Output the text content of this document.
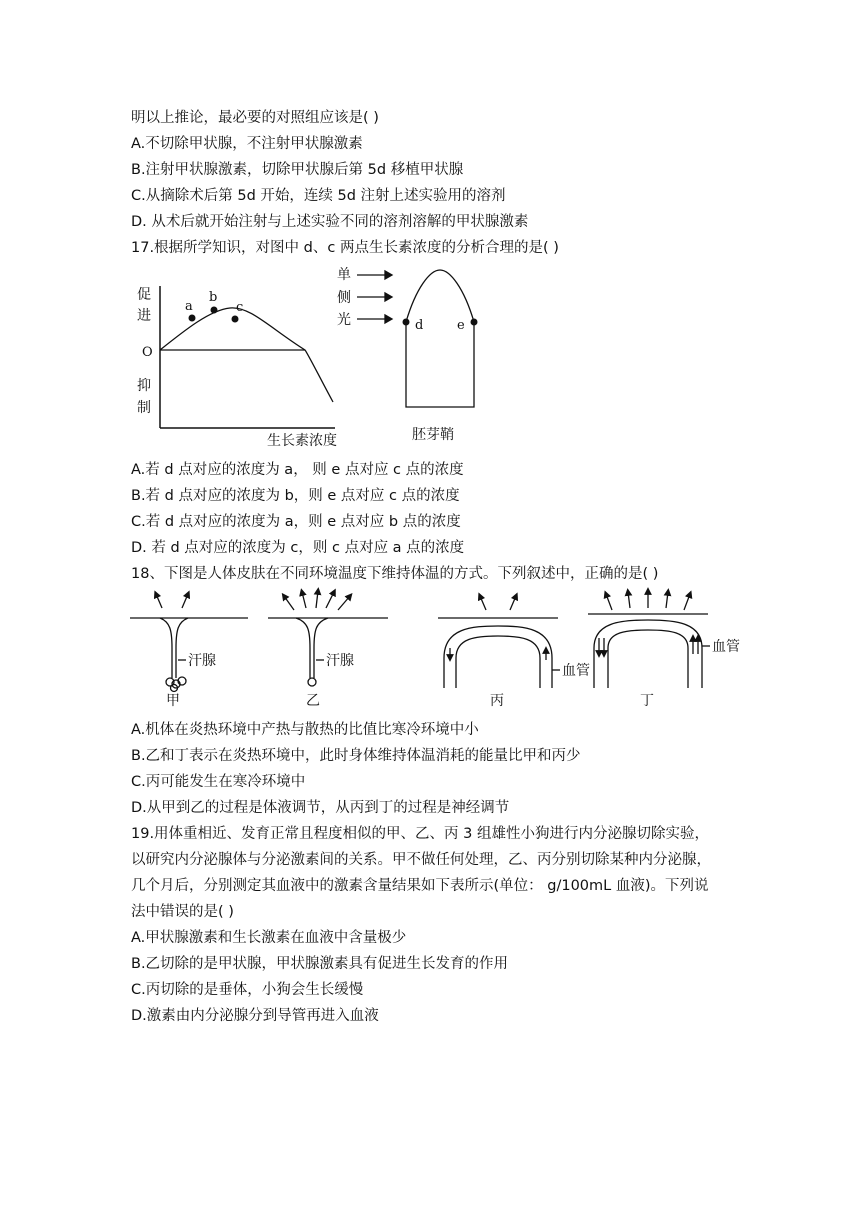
明以上推论，最必要的对照组应该是( )
A.不切除甲状腺，不注射甲状腺激素
B.注射甲状腺激素，切除甲状腺后第 5d 移植甲状腺
C.从摘除术后第 5d 开始，连续 5d 注射上述实验用的溶剂
D. 从术后就开始注射与上述实验不同的溶剂溶解的甲状腺激素
17.根据所学知识，对图中 d、c 两点生长素浓度的分析合理的是( )
促
进
O
抑
制
a
b
c
生长素浓度
单
侧
光	d	e
胚芽鞘
A.若 d 点对应的浓度为 a， 则 e 点对应 c 点的浓度
B.若 d 点对应的浓度为 b，则 e 点对应 c 点的浓度
C.若 d 点对应的浓度为 a，则 e 点对应 b 点的浓度
D. 若 d 点对应的浓度为 c，则 c 点对应 a 点的浓度
18、下图是人体皮肤在不同环境温度下维持体温的方式。下列叙述中，正确的是( )
汗腺
甲
汗腺
乙
血管
丙
血管
丁
A.机体在炎热环境中产热与散热的比值比寒冷环境中小
B.乙和丁表示在炎热环境中，此时身体维持体温消耗的能量比甲和丙少
C.丙可能发生在寒冷环境中
D.从甲到乙的过程是体液调节，从丙到丁的过程是神经调节
19.用体重相近、发育正常且程度相似的甲、乙、丙 3 组雄性小狗进行内分泌腺切除实验，
以研究内分泌腺体与分泌激素间的关系。甲不做任何处理，乙、丙分别切除某种内分泌腺，
几个月后，分别测定其血液中的激素含量结果如下表所示(单位： g/100mL 血液)。下列说
法中错误的是( )
A.甲状腺激素和生长激素在血液中含量极少
B.乙切除的是甲状腺，甲状腺激素具有促进生长发育的作用
C.丙切除的是垂体，小狗会生长缓慢
D.激素由内分泌腺分到导管再进入血液
